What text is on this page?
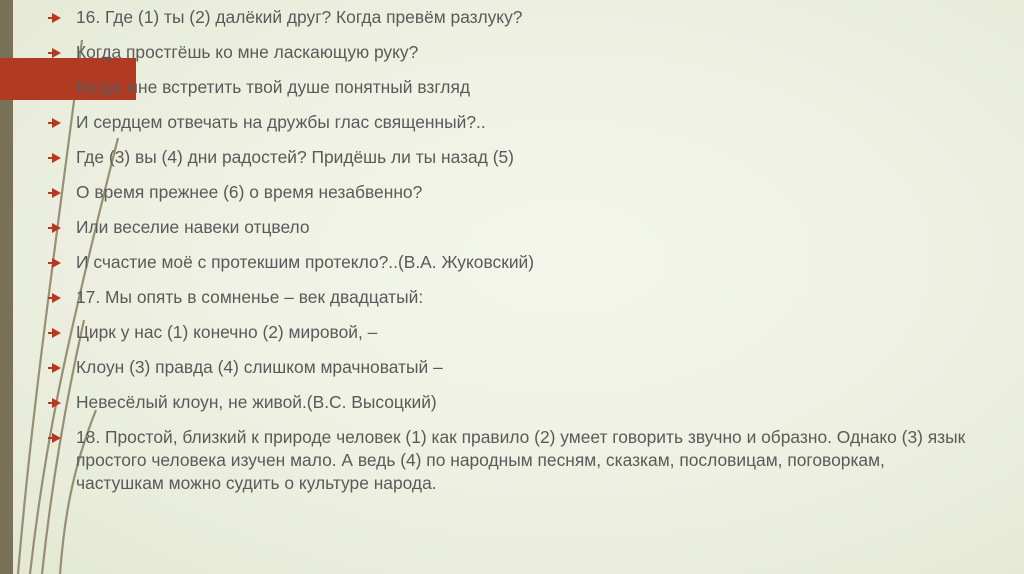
16. Где (1) ты (2) далёкий друг? Когда превём разлуку?
Когда простгёшь ко мне ласкающую руку?
Когда мне встретить твой душе понятный взгляд
И сердцем отвечать на дружбы глас священный?..
Где (3) вы (4) дни радостей? Придёшь ли ты назад (5)
О время прежнее (6) о время незабвенно?
Или веселие навеки отцвело
И счастие моё с протекшим протекло?..(В.А. Жуковский)
17. Мы опять в сомненье – век двадцатый:
Цирк у нас (1) конечно (2) мировой, –
Клоун (3) правда (4) слишком мрачноватый –
Невесёлый клоун, не живой.(В.С. Высоцкий)
18. Простой, близкий к природе человек (1) как правило (2) умеет говорить звучно и образно. Однако (3) язык простого человека изучен мало. А ведь (4) по народным песням, сказкам, пословицам, поговоркам, частушкам можно судить о культуре народа.
